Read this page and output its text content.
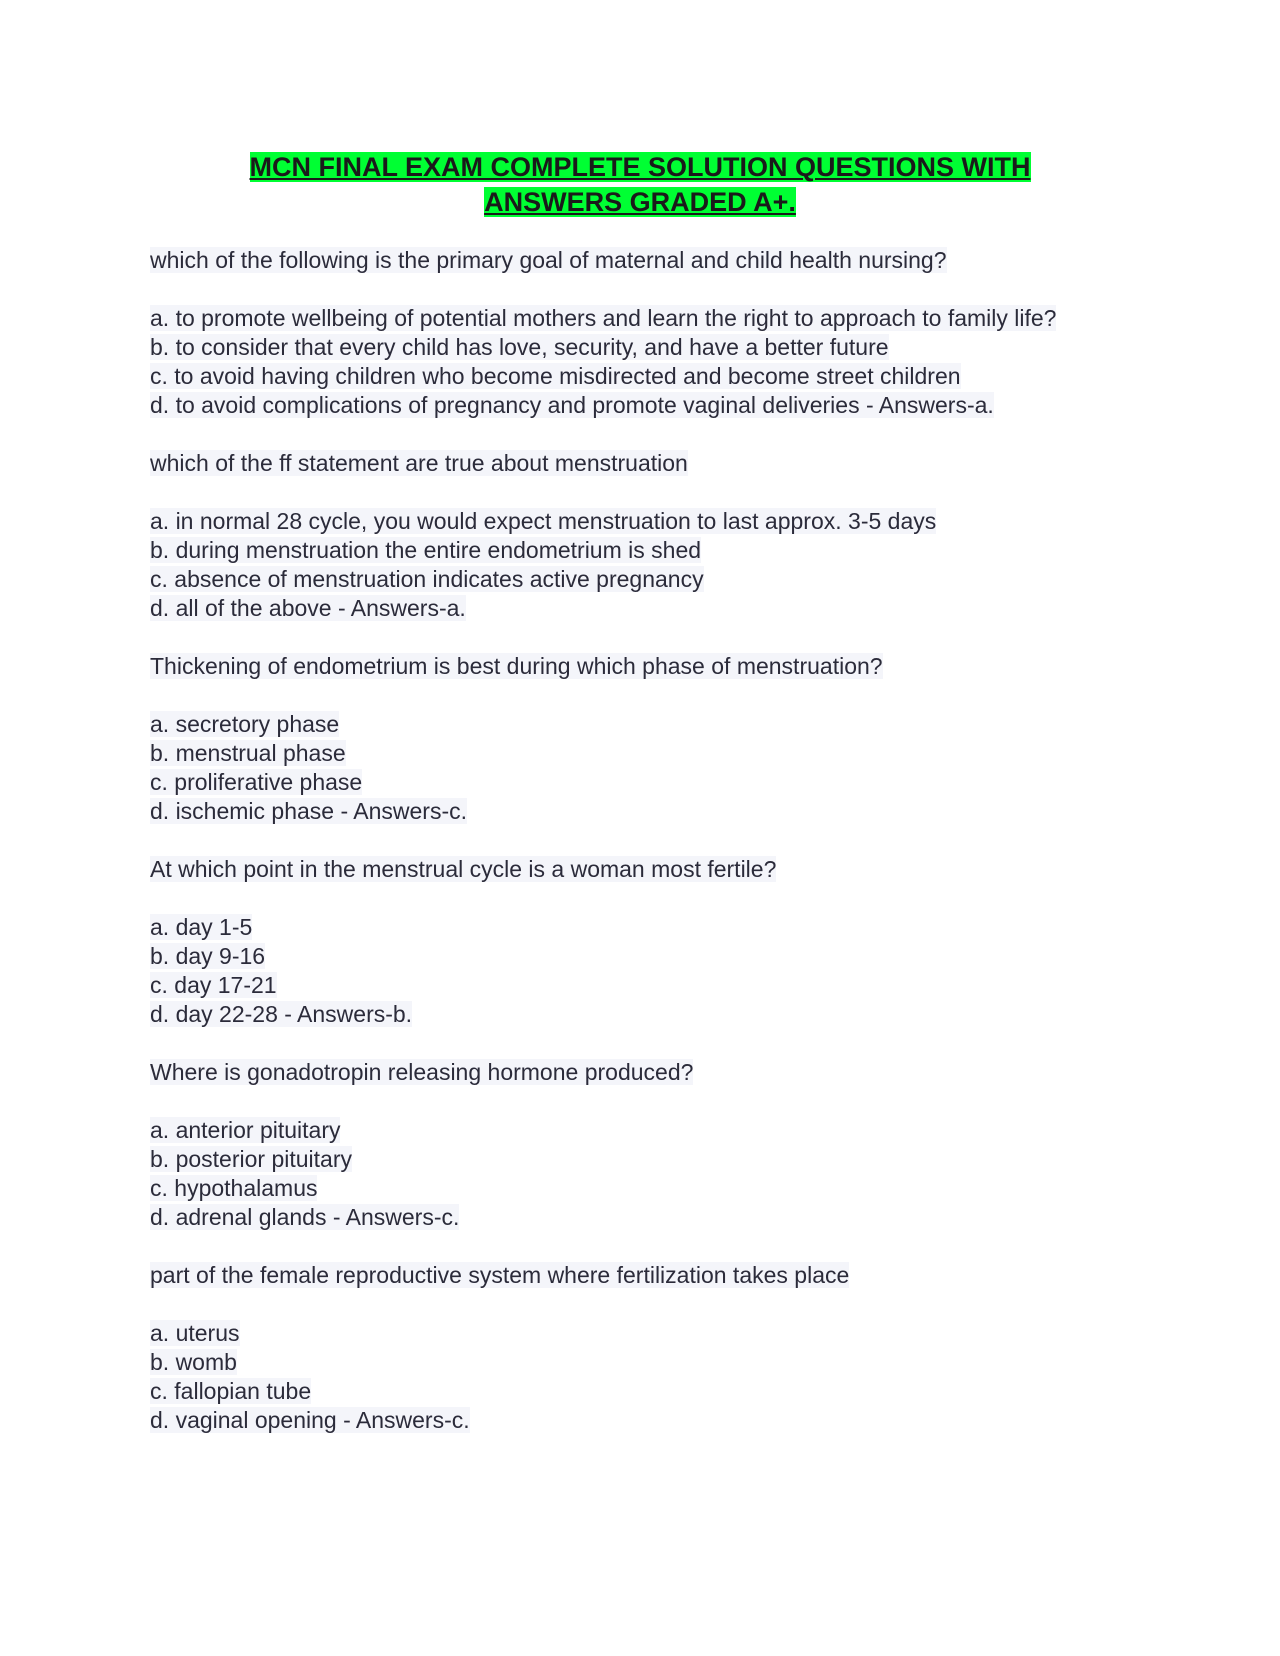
MCN FINAL EXAM COMPLETE SOLUTION QUESTIONS WITH
ANSWERS GRADED A+.
which of the following is the primary goal of maternal and child health nursing?
a. to promote wellbeing of potential mothers and learn the right to approach to family life?
b. to consider that every child has love, security, and have a better future
c. to avoid having children who become misdirected and become street children
d. to avoid complications of pregnancy and promote vaginal deliveries - Answers-a.
which of the ff statement are true about menstruation
a. in normal 28 cycle, you would expect menstruation to last approx. 3-5 days
b. during menstruation the entire endometrium is shed
c. absence of menstruation indicates active pregnancy
d. all of the above - Answers-a.
Thickening of endometrium is best during which phase of menstruation?
a. secretory phase
b. menstrual phase
c. proliferative phase
d. ischemic phase - Answers-c.
At which point in the menstrual cycle is a woman most fertile?
a. day 1-5
b. day 9-16
c. day 17-21
d. day 22-28 - Answers-b.
Where is gonadotropin releasing hormone produced?
a. anterior pituitary
b. posterior pituitary
c. hypothalamus
d. adrenal glands - Answers-c.
part of the female reproductive system where fertilization takes place
a. uterus
b. womb
c. fallopian tube
d. vaginal opening - Answers-c.
